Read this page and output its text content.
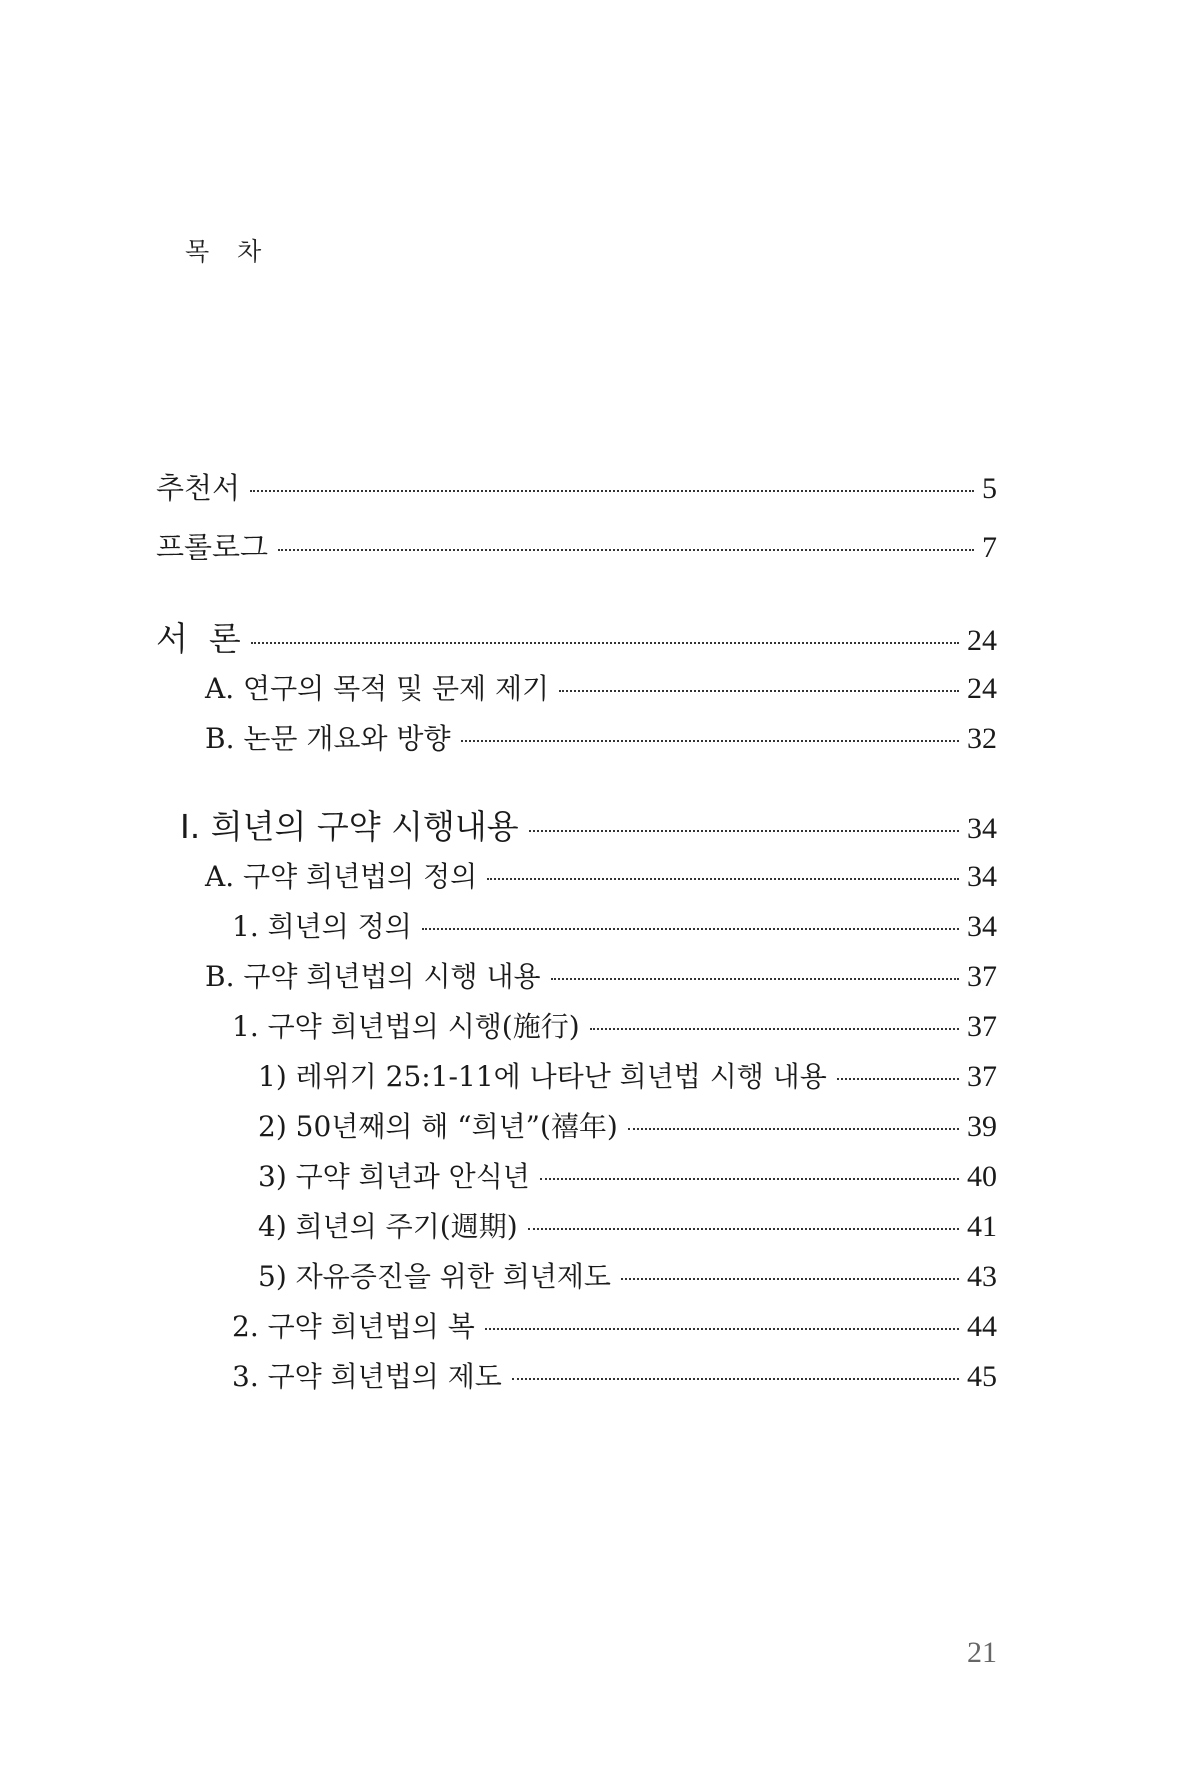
목 차
추천서	5
프롤로그	7
서  론	24
A. 연구의 목적 및 문제 제기	24
B. 논문 개요와 방향	32
Ⅰ. 희년의 구약 시행내용	34
A. 구약 희년법의 정의	34
1. 희년의 정의	34
B. 구약 희년법의 시행 내용	37
1. 구약 희년법의 시행(施行)	37
1) 레위기 25:1-11에 나타난 희년법 시행 내용	37
2) 50년째의 해 “희년”(禧年)	39
3) 구약 희년과 안식년	40
4) 희년의 주기(週期)	41
5) 자유증진을 위한 희년제도	43
2. 구약 희년법의 복	44
3. 구약 희년법의 제도	45
21
